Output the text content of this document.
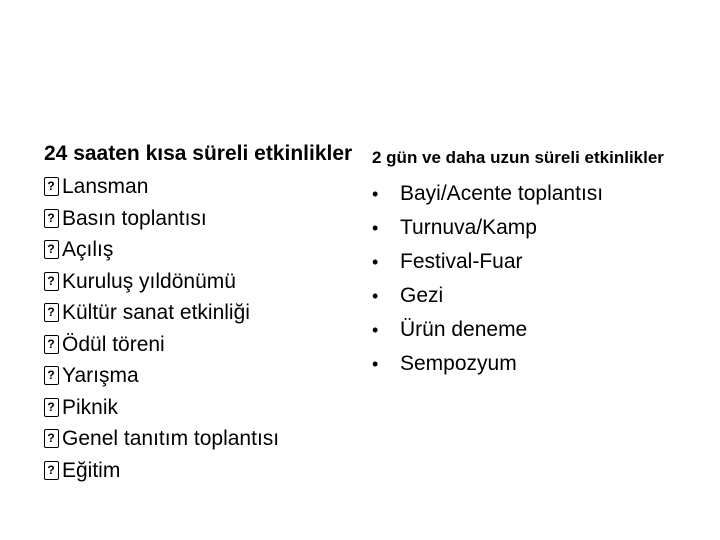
24 saaten kısa süreli etkinlikler
? Lansman
? Basın toplantısı
? Açılış
? Kuruluş yıldönümü
? Kültür sanat etkinliği
? Ödül töreni
? Yarışma
? Piknik
? Genel tanıtım toplantısı
? Eğitim
2 gün ve daha uzun süreli etkinlikler
•	Bayi/Acente toplantısı
•	Turnuva/Kamp
•	Festival-Fuar
•	Gezi
•	Ürün deneme
•	Sempozyum
